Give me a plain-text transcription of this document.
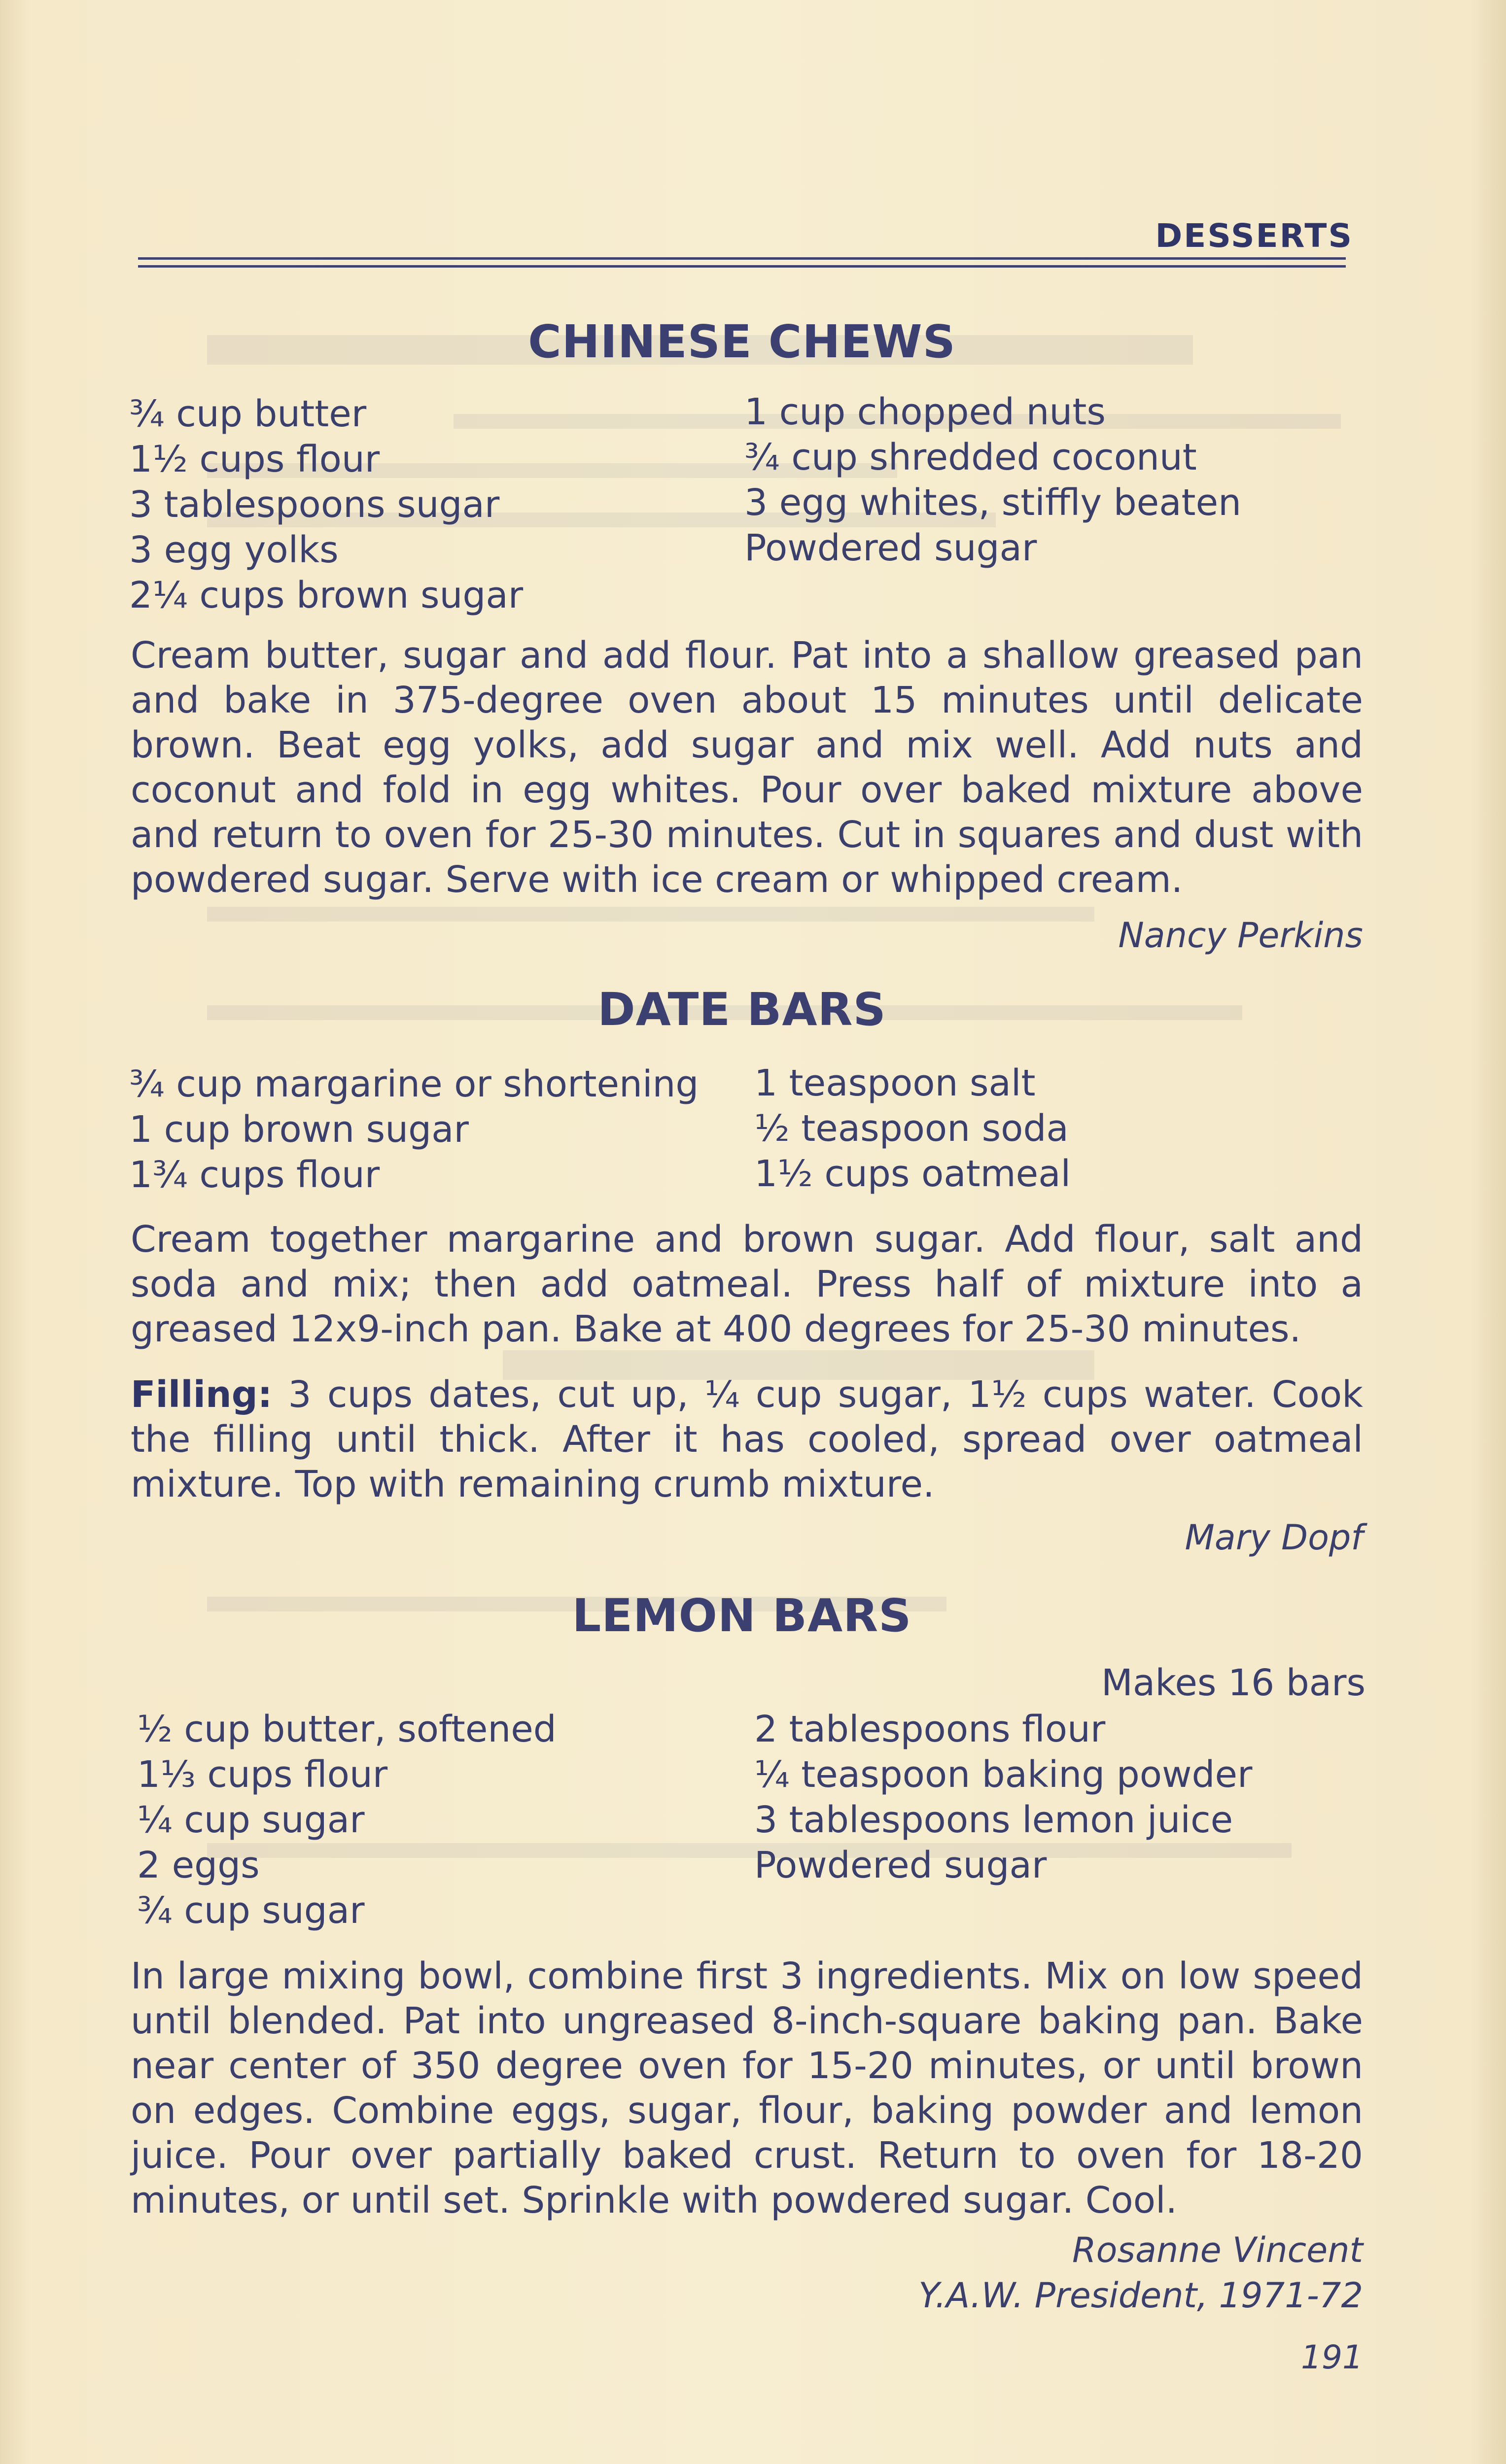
DESSERTS
CHINESE CHEWS
¾ cup butter
1½ cups flour
3 tablespoons sugar
3 egg yolks
2¼ cups brown sugar
1 cup chopped nuts
¾ cup shredded coconut
3 egg whites, stiffly beaten
Powdered sugar
Cream butter, sugar and add flour. Pat into a shallow greased pan and bake in 375-degree oven about 15 minutes until delicate brown. Beat egg yolks, add sugar and mix well. Add nuts and coconut and fold in egg whites. Pour over baked mixture above and return to oven for 25-30 minutes. Cut in squares and dust with powdered sugar. Serve with ice cream or whipped cream.
Nancy Perkins
DATE BARS
¾ cup margarine or shortening
1 cup brown sugar
1¾ cups flour
1 teaspoon salt
½ teaspoon soda
1½ cups oatmeal
Cream together margarine and brown sugar. Add flour, salt and soda and mix; then add oatmeal. Press half of mixture into a greased 12x9-inch pan. Bake at 400 degrees for 25-30 minutes.
Filling: 3 cups dates, cut up, ¼ cup sugar, 1½ cups water. Cook the filling until thick. After it has cooled, spread over oatmeal mixture. Top with remaining crumb mixture.
Mary Dopf
LEMON BARS
Makes 16 bars
½ cup butter, softened
1⅓ cups flour
¼ cup sugar
2 eggs
¾ cup sugar
2 tablespoons flour
¼ teaspoon baking powder
3 tablespoons lemon juice
Powdered sugar
In large mixing bowl, combine first 3 ingredients. Mix on low speed until blended. Pat into ungreased 8-inch-square baking pan. Bake near center of 350 degree oven for 15-20 minutes, or until brown on edges. Combine eggs, sugar, flour, baking powder and lemon juice. Pour over partially baked crust. Return to oven for 18-20 minutes, or until set. Sprinkle with powdered sugar. Cool.
Rosanne Vincent
Y.A.W. President, 1971-72
191
